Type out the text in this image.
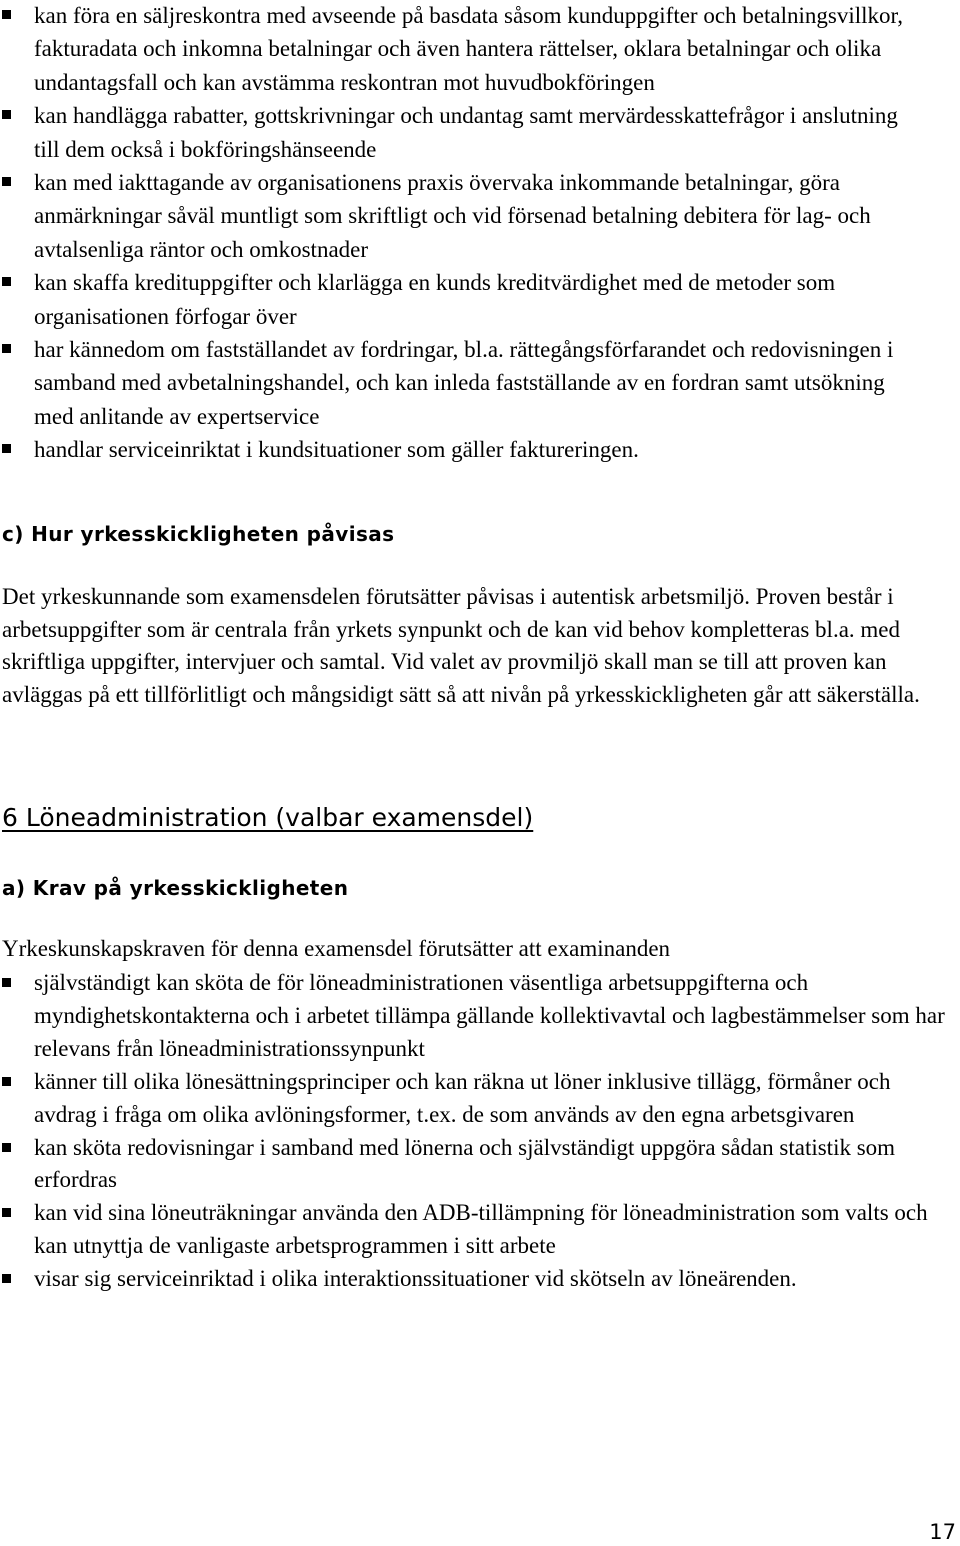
kan föra en säljreskontra med avseende på basdata såsom kunduppgifter och betalningsvillkor, fakturadata och inkomna betalningar och även hantera rättelser, oklara betalningar och olika undantagsfall och kan avstämma reskontran mot huvudbokföringen
kan handlägga rabatter, gottskrivningar och undantag samt mervärdesskattefrågor i anslutning till dem också i bokföringshänseende
kan med iakttagande av organisationens praxis övervaka inkommande betalningar, göra anmärkningar såväl muntligt som skriftligt och vid försenad betalning debitera för lag- och avtalsenliga räntor och omkostnader
kan skaffa kredituppgifter och klarlägga en kunds kreditvärdighet med de metoder som organisationen förfogar över
har kännedom om fastställandet av fordringar, bl.a. rättegångsförfarandet och redovisningen i samband med avbetalningshandel, och kan inleda fastställande av en fordran samt utsökning med anlitande av expertservice
handlar serviceinriktat i kundsituationer som gäller faktureringen.
c) Hur yrkesskickligheten påvisas

Det yrkeskunnande som examensdelen förutsätter påvisas i autentisk arbetsmiljö. Proven består i arbetsuppgifter som är centrala från yrkets synpunkt och de kan vid behov kompletteras bl.a. med skriftliga uppgifter, intervjuer och samtal. Vid valet av provmiljö skall man se till att proven kan avläggas på ett tillförlitligt och mångsidigt sätt så att nivån på yrkesskickligheten går att säkerställa.

6 Löneadministration (valbar examensdel)
a) Krav på yrkesskickligheten

Yrkeskunskapskraven för denna examensdel förutsätter att examinanden

självständigt kan sköta de för löneadministrationen väsentliga arbetsuppgifterna och myndighetskontakterna och i arbetet tillämpa gällande kollektivavtal och lagbestämmelser som har relevans från löneadministrationssynpunkt
känner till olika lönesättningsprinciper och kan räkna ut löner inklusive tillägg, förmåner och avdrag i fråga om olika avlöningsformer, t.ex. de som används av den egna arbetsgivaren
kan sköta redovisningar i samband med lönerna och självständigt uppgöra sådan statistik som erfordras
kan vid sina löneuträkningar använda den ADB-tillämpning för löneadministration som valts och kan utnyttja de vanligaste arbetsprogrammen i sitt arbete
visar sig serviceinriktad i olika interaktionssituationer vid skötseln av löneärenden.
17
